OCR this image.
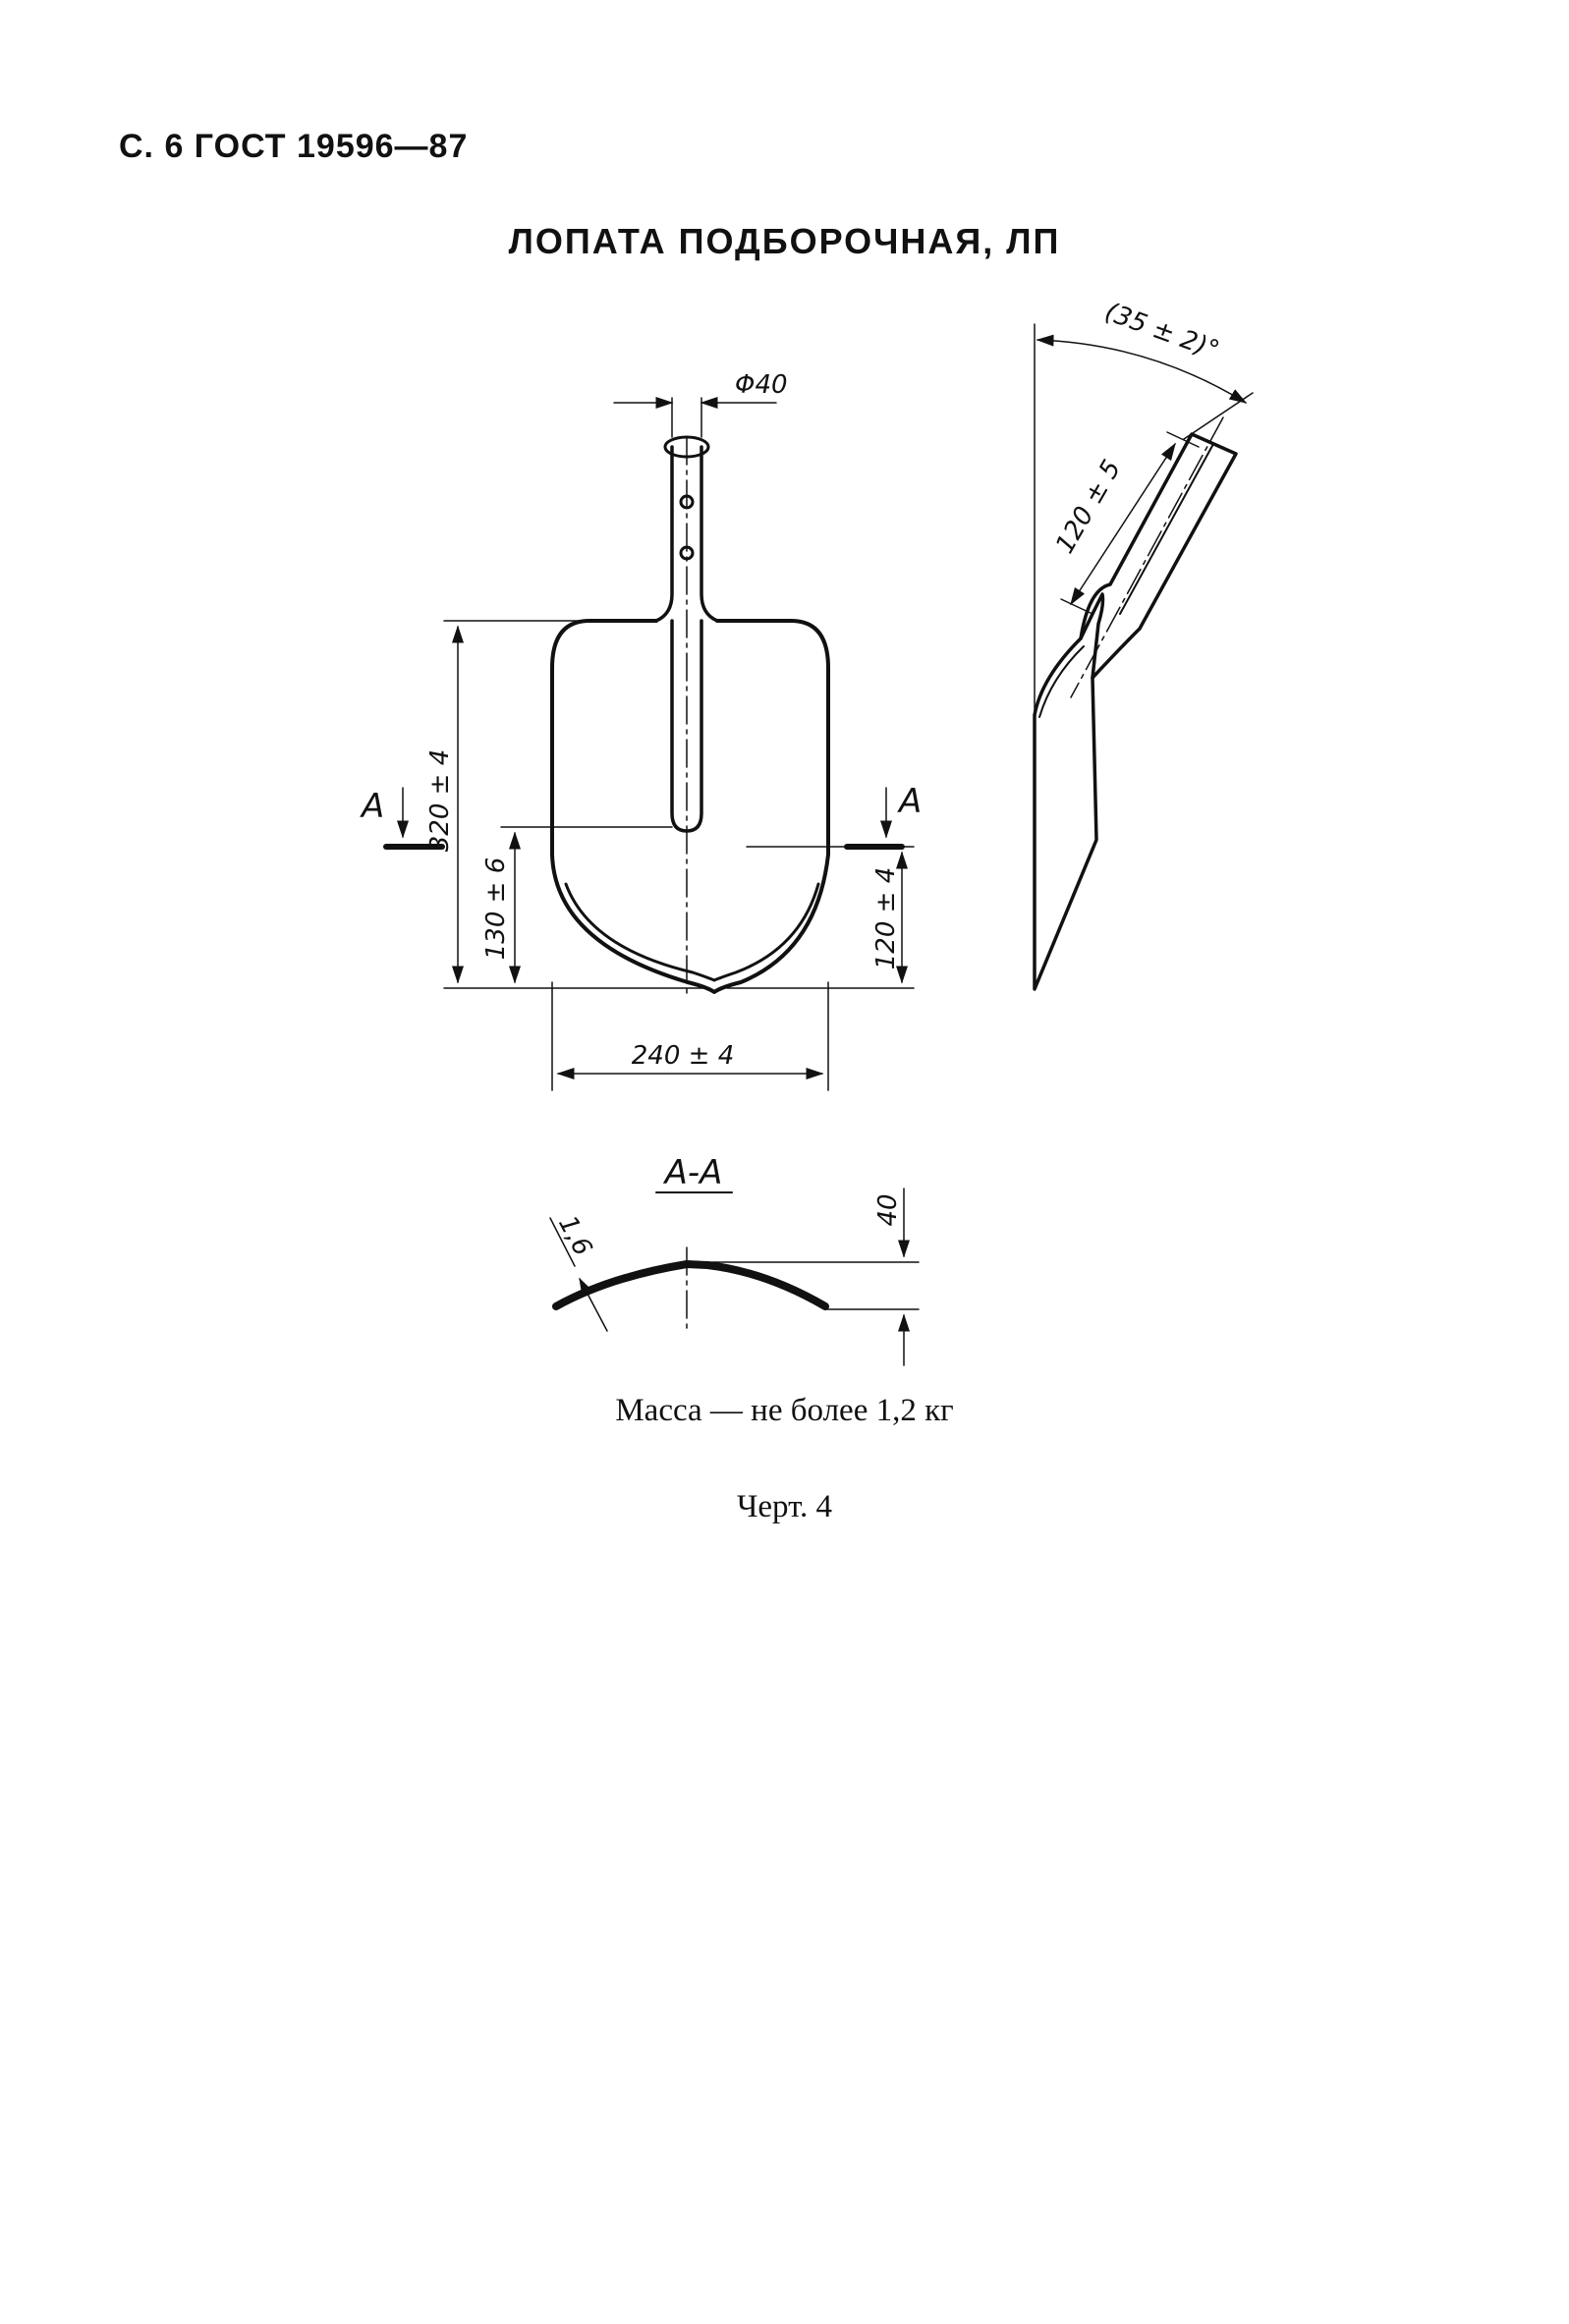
С. 6 ГОСТ 19596—87
ЛОПАТА ПОДБОРОЧНАЯ, ЛП
Φ40
320 ± 4
130 ± 6	120 ± 4
240 ± 4
А	А
(35 ± 2)°
120 ± 5
А-А
40
1,6
Масса — не более 1,2 кг
Черт. 4
